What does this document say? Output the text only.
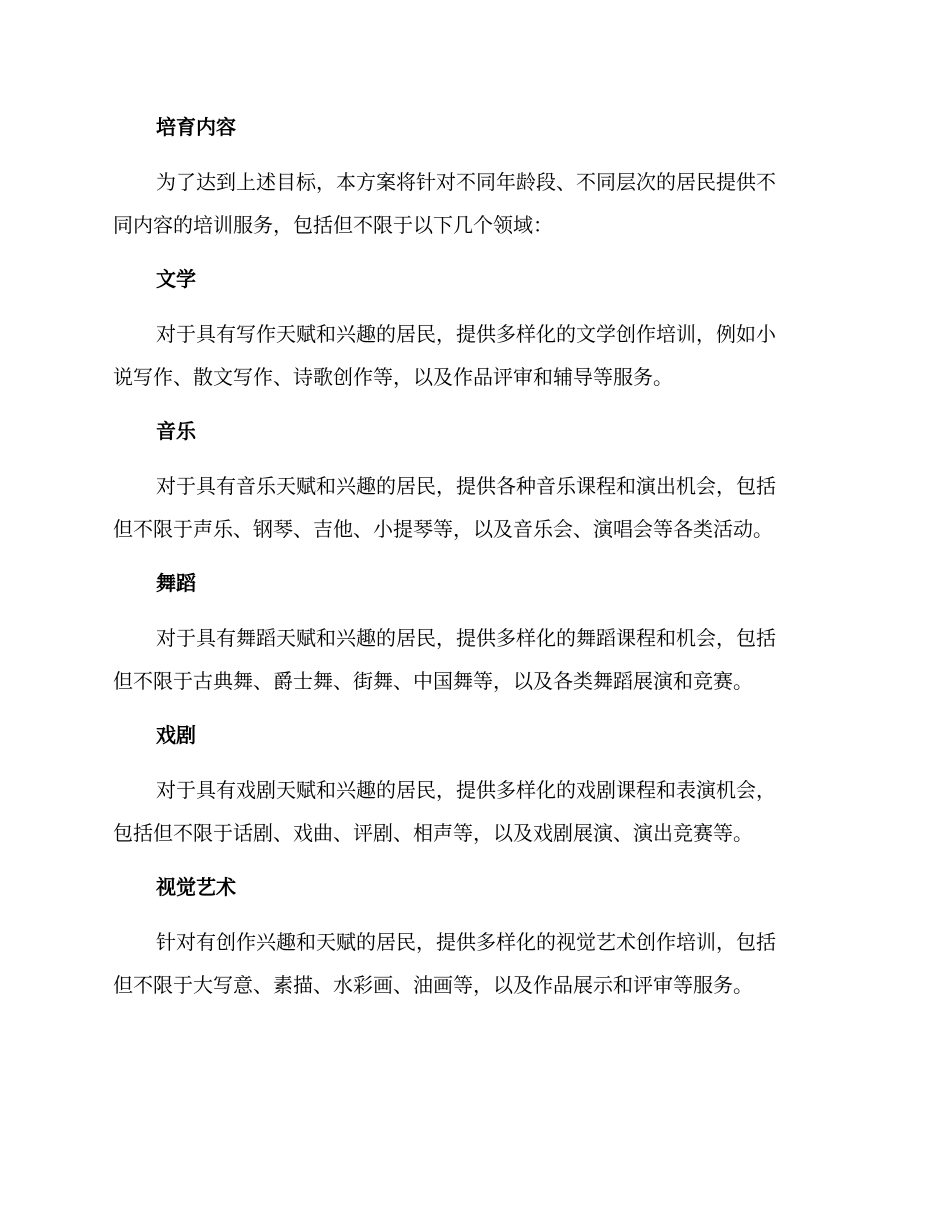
培育内容
为了达到上述目标，本方案将针对不同年龄段、不同层次的居民提供不
同内容的培训服务，包括但不限于以下几个领域：
文学
对于具有写作天赋和兴趣的居民，提供多样化的文学创作培训，例如小
说写作、散文写作、诗歌创作等，以及作品评审和辅导等服务。
音乐
对于具有音乐天赋和兴趣的居民，提供各种音乐课程和演出机会，包括
但不限于声乐、钢琴、吉他、小提琴等，以及音乐会、演唱会等各类活动。
舞蹈
对于具有舞蹈天赋和兴趣的居民，提供多样化的舞蹈课程和机会，包括
但不限于古典舞、爵士舞、街舞、中国舞等，以及各类舞蹈展演和竞赛。
戏剧
对于具有戏剧天赋和兴趣的居民，提供多样化的戏剧课程和表演机会，
包括但不限于话剧、戏曲、评剧、相声等，以及戏剧展演、演出竞赛等。
视觉艺术
针对有创作兴趣和天赋的居民，提供多样化的视觉艺术创作培训，包括
但不限于大写意、素描、水彩画、油画等，以及作品展示和评审等服务。
